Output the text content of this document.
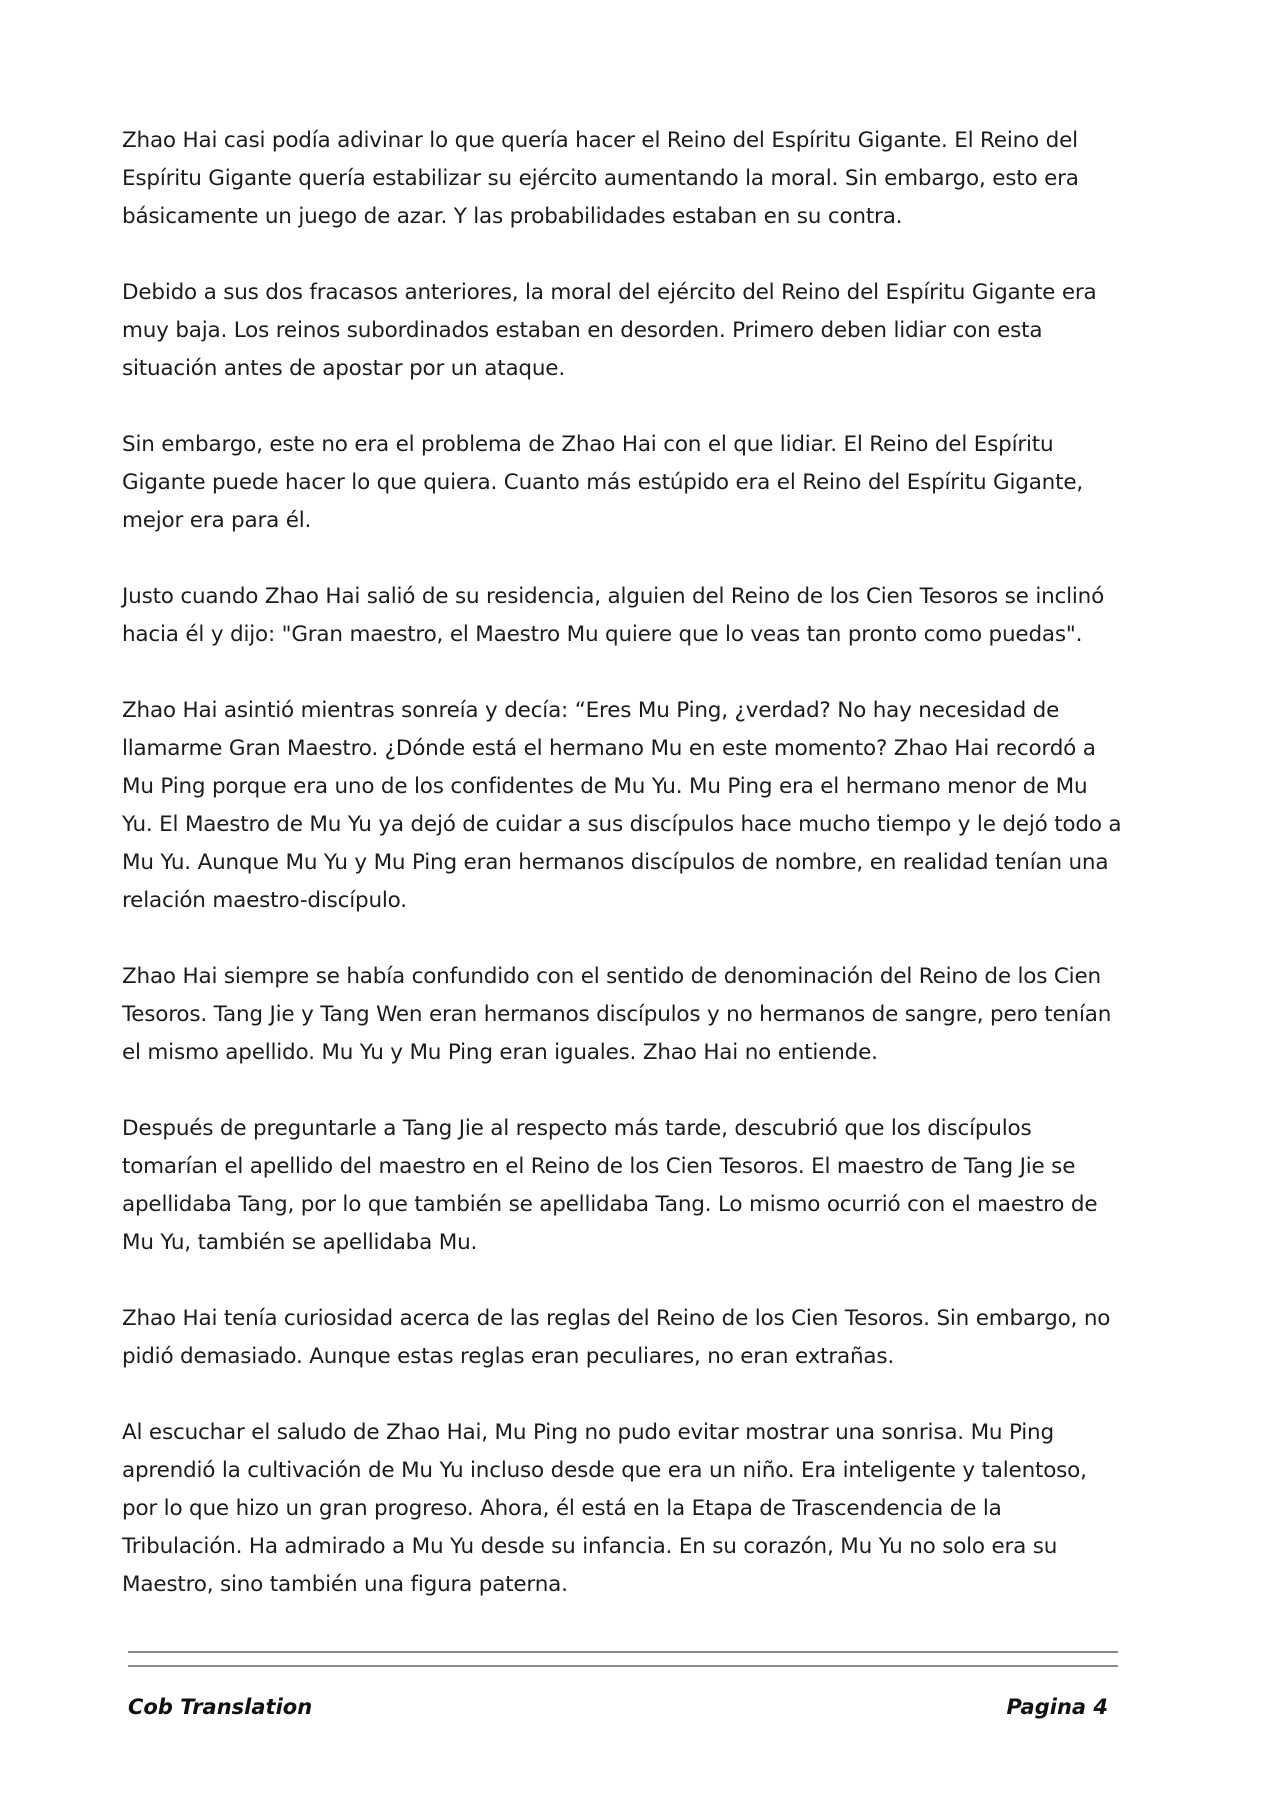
Zhao Hai casi podía adivinar lo que quería hacer el Reino del Espíritu Gigante. El Reino del Espíritu Gigante quería estabilizar su ejército aumentando la moral. Sin embargo, esto era básicamente un juego de azar. Y las probabilidades estaban en su contra.

Debido a sus dos fracasos anteriores, la moral del ejército del Reino del Espíritu Gigante era muy baja. Los reinos subordinados estaban en desorden. Primero deben lidiar con esta situación antes de apostar por un ataque.

Sin embargo, este no era el problema de Zhao Hai con el que lidiar. El Reino del Espíritu Gigante puede hacer lo que quiera. Cuanto más estúpido era el Reino del Espíritu Gigante, mejor era para él.

Justo cuando Zhao Hai salió de su residencia, alguien del Reino de los Cien Tesoros se inclinó hacia él y dijo: "Gran maestro, el Maestro Mu quiere que lo veas tan pronto como puedas".

Zhao Hai asintió mientras sonreía y decía: “Eres Mu Ping, ¿verdad? No hay necesidad de llamarme Gran Maestro. ¿Dónde está el hermano Mu en este momento? Zhao Hai recordó a Mu Ping porque era uno de los confidentes de Mu Yu. Mu Ping era el hermano menor de Mu Yu. El Maestro de Mu Yu ya dejó de cuidar a sus discípulos hace mucho tiempo y le dejó todo a Mu Yu. Aunque Mu Yu y Mu Ping eran hermanos discípulos de nombre, en realidad tenían una relación maestro-discípulo.

Zhao Hai siempre se había confundido con el sentido de denominación del Reino de los Cien Tesoros. Tang Jie y Tang Wen eran hermanos discípulos y no hermanos de sangre, pero tenían el mismo apellido. Mu Yu y Mu Ping eran iguales. Zhao Hai no entiende.

Después de preguntarle a Tang Jie al respecto más tarde, descubrió que los discípulos tomarían el apellido del maestro en el Reino de los Cien Tesoros. El maestro de Tang Jie se apellidaba Tang, por lo que también se apellidaba Tang. Lo mismo ocurrió con el maestro de Mu Yu, también se apellidaba Mu.

Zhao Hai tenía curiosidad acerca de las reglas del Reino de los Cien Tesoros. Sin embargo, no pidió demasiado. Aunque estas reglas eran peculiares, no eran extrañas.

Al escuchar el saludo de Zhao Hai, Mu Ping no pudo evitar mostrar una sonrisa. Mu Ping aprendió la cultivación de Mu Yu incluso desde que era un niño. Era inteligente y talentoso, por lo que hizo un gran progreso. Ahora, él está en la Etapa de Trascendencia de la Tribulación. Ha admirado a Mu Yu desde su infancia. En su corazón, Mu Yu no solo era su Maestro, sino también una figura paterna.

Cob Translation	Pagina 4
